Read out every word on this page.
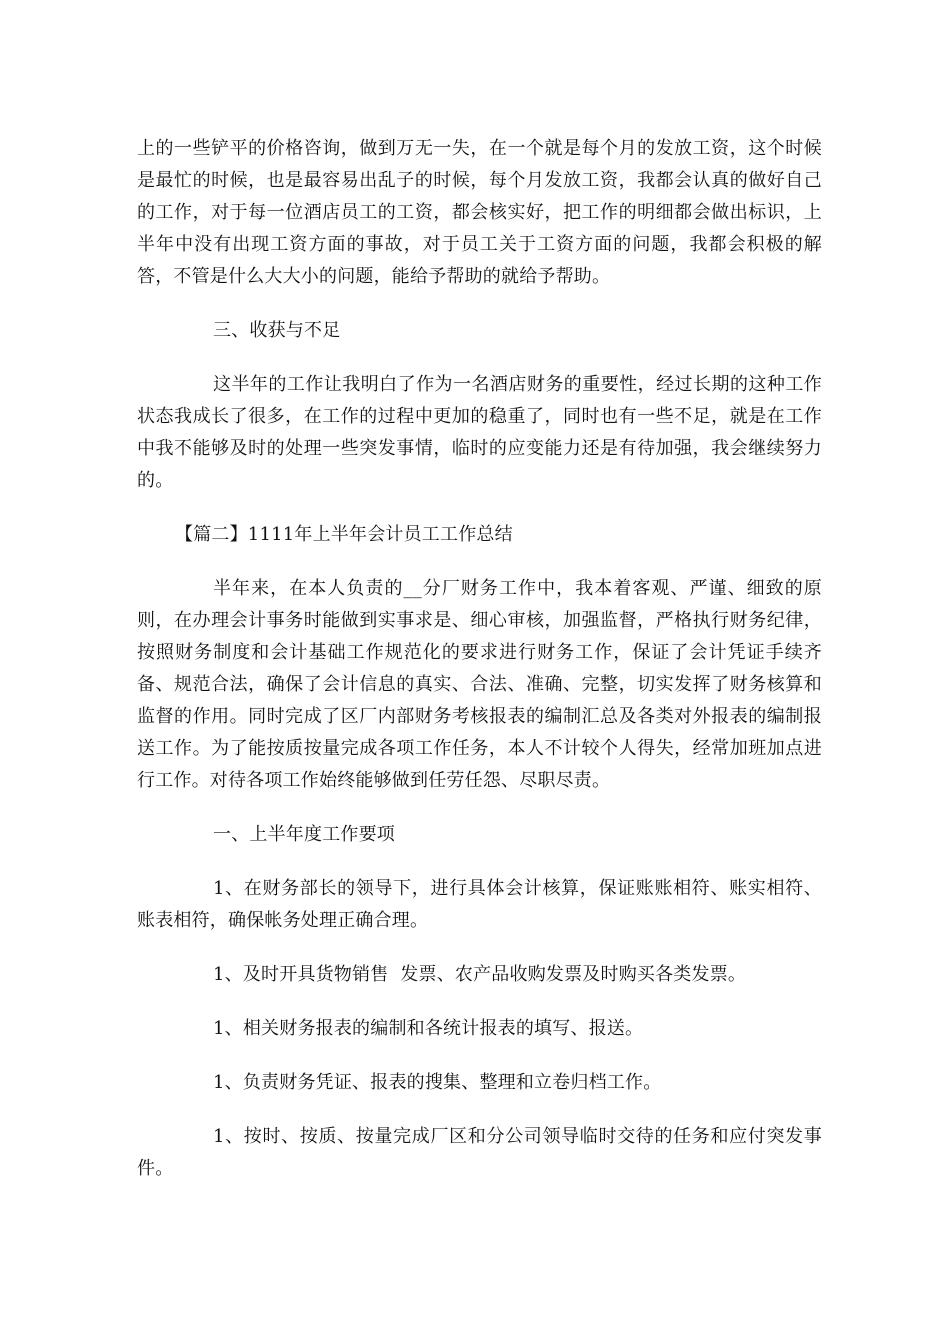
上的一些铲平的价格咨询，做到万无一失，在一个就是每个月的发放工资，这个时候是最忙的时候，也是最容易出乱子的时候，每个月发放工资，我都会认真的做好自己的工作，对于每一位酒店员工的工资，都会核实好，把工作的明细都会做出标识，上半年中没有出现工资方面的事故，对于员工关于工资方面的问题，我都会积极的解答，不管是什么大大小的问题，能给予帮助的就给予帮助。

三、收获与不足

这半年的工作让我明白了作为一名酒店财务的重要性，经过长期的这种工作状态我成长了很多，在工作的过程中更加的稳重了，同时也有一些不足，就是在工作中我不能够及时的处理一些突发事情，临时的应变能力还是有待加强，我会继续努力的。

【篇二】1111年上半年会计员工工作总结

半年来，在本人负责的__分厂财务工作中，我本着客观、严谨、细致的原则，在办理会计事务时能做到实事求是、细心审核，加强监督，严格执行财务纪律，按照财务制度和会计基础工作规范化的要求进行财务工作，保证了会计凭证手续齐备、规范合法，确保了会计信息的真实、合法、准确、完整，切实发挥了财务核算和监督的作用。同时完成了区厂内部财务考核报表的编制汇总及各类对外报表的编制报送工作。为了能按质按量完成各项工作任务，本人不计较个人得失，经常加班加点进行工作。对待各项工作始终能够做到任劳任怨、尽职尽责。

一、上半年度工作要项

1、在财务部长的领导下，进行具体会计核算，保证账账相符、账实相符、账表相符，确保帐务处理正确合理。

1、及时开具货物销售  发票、农产品收购发票及时购买各类发票。

1、相关财务报表的编制和各统计报表的填写、报送。

1、负责财务凭证、报表的搜集、整理和立卷归档工作。

1、按时、按质、按量完成厂区和分公司领导临时交待的任务和应付突发事件。
